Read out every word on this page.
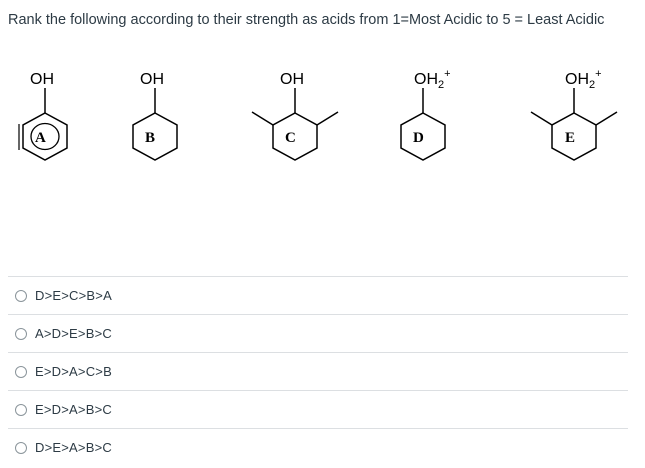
Rank the following according to their strength as acids from 1=Most Acidic to 5 = Least Acidic
OH
A
OH
B
OH
C
$OH_2^+$
D
$OH_2^+$
E
D>E>C>B>A
A>D>E>B>C
E>D>A>C>B
E>D>A>B>C
D>E>A>B>C
